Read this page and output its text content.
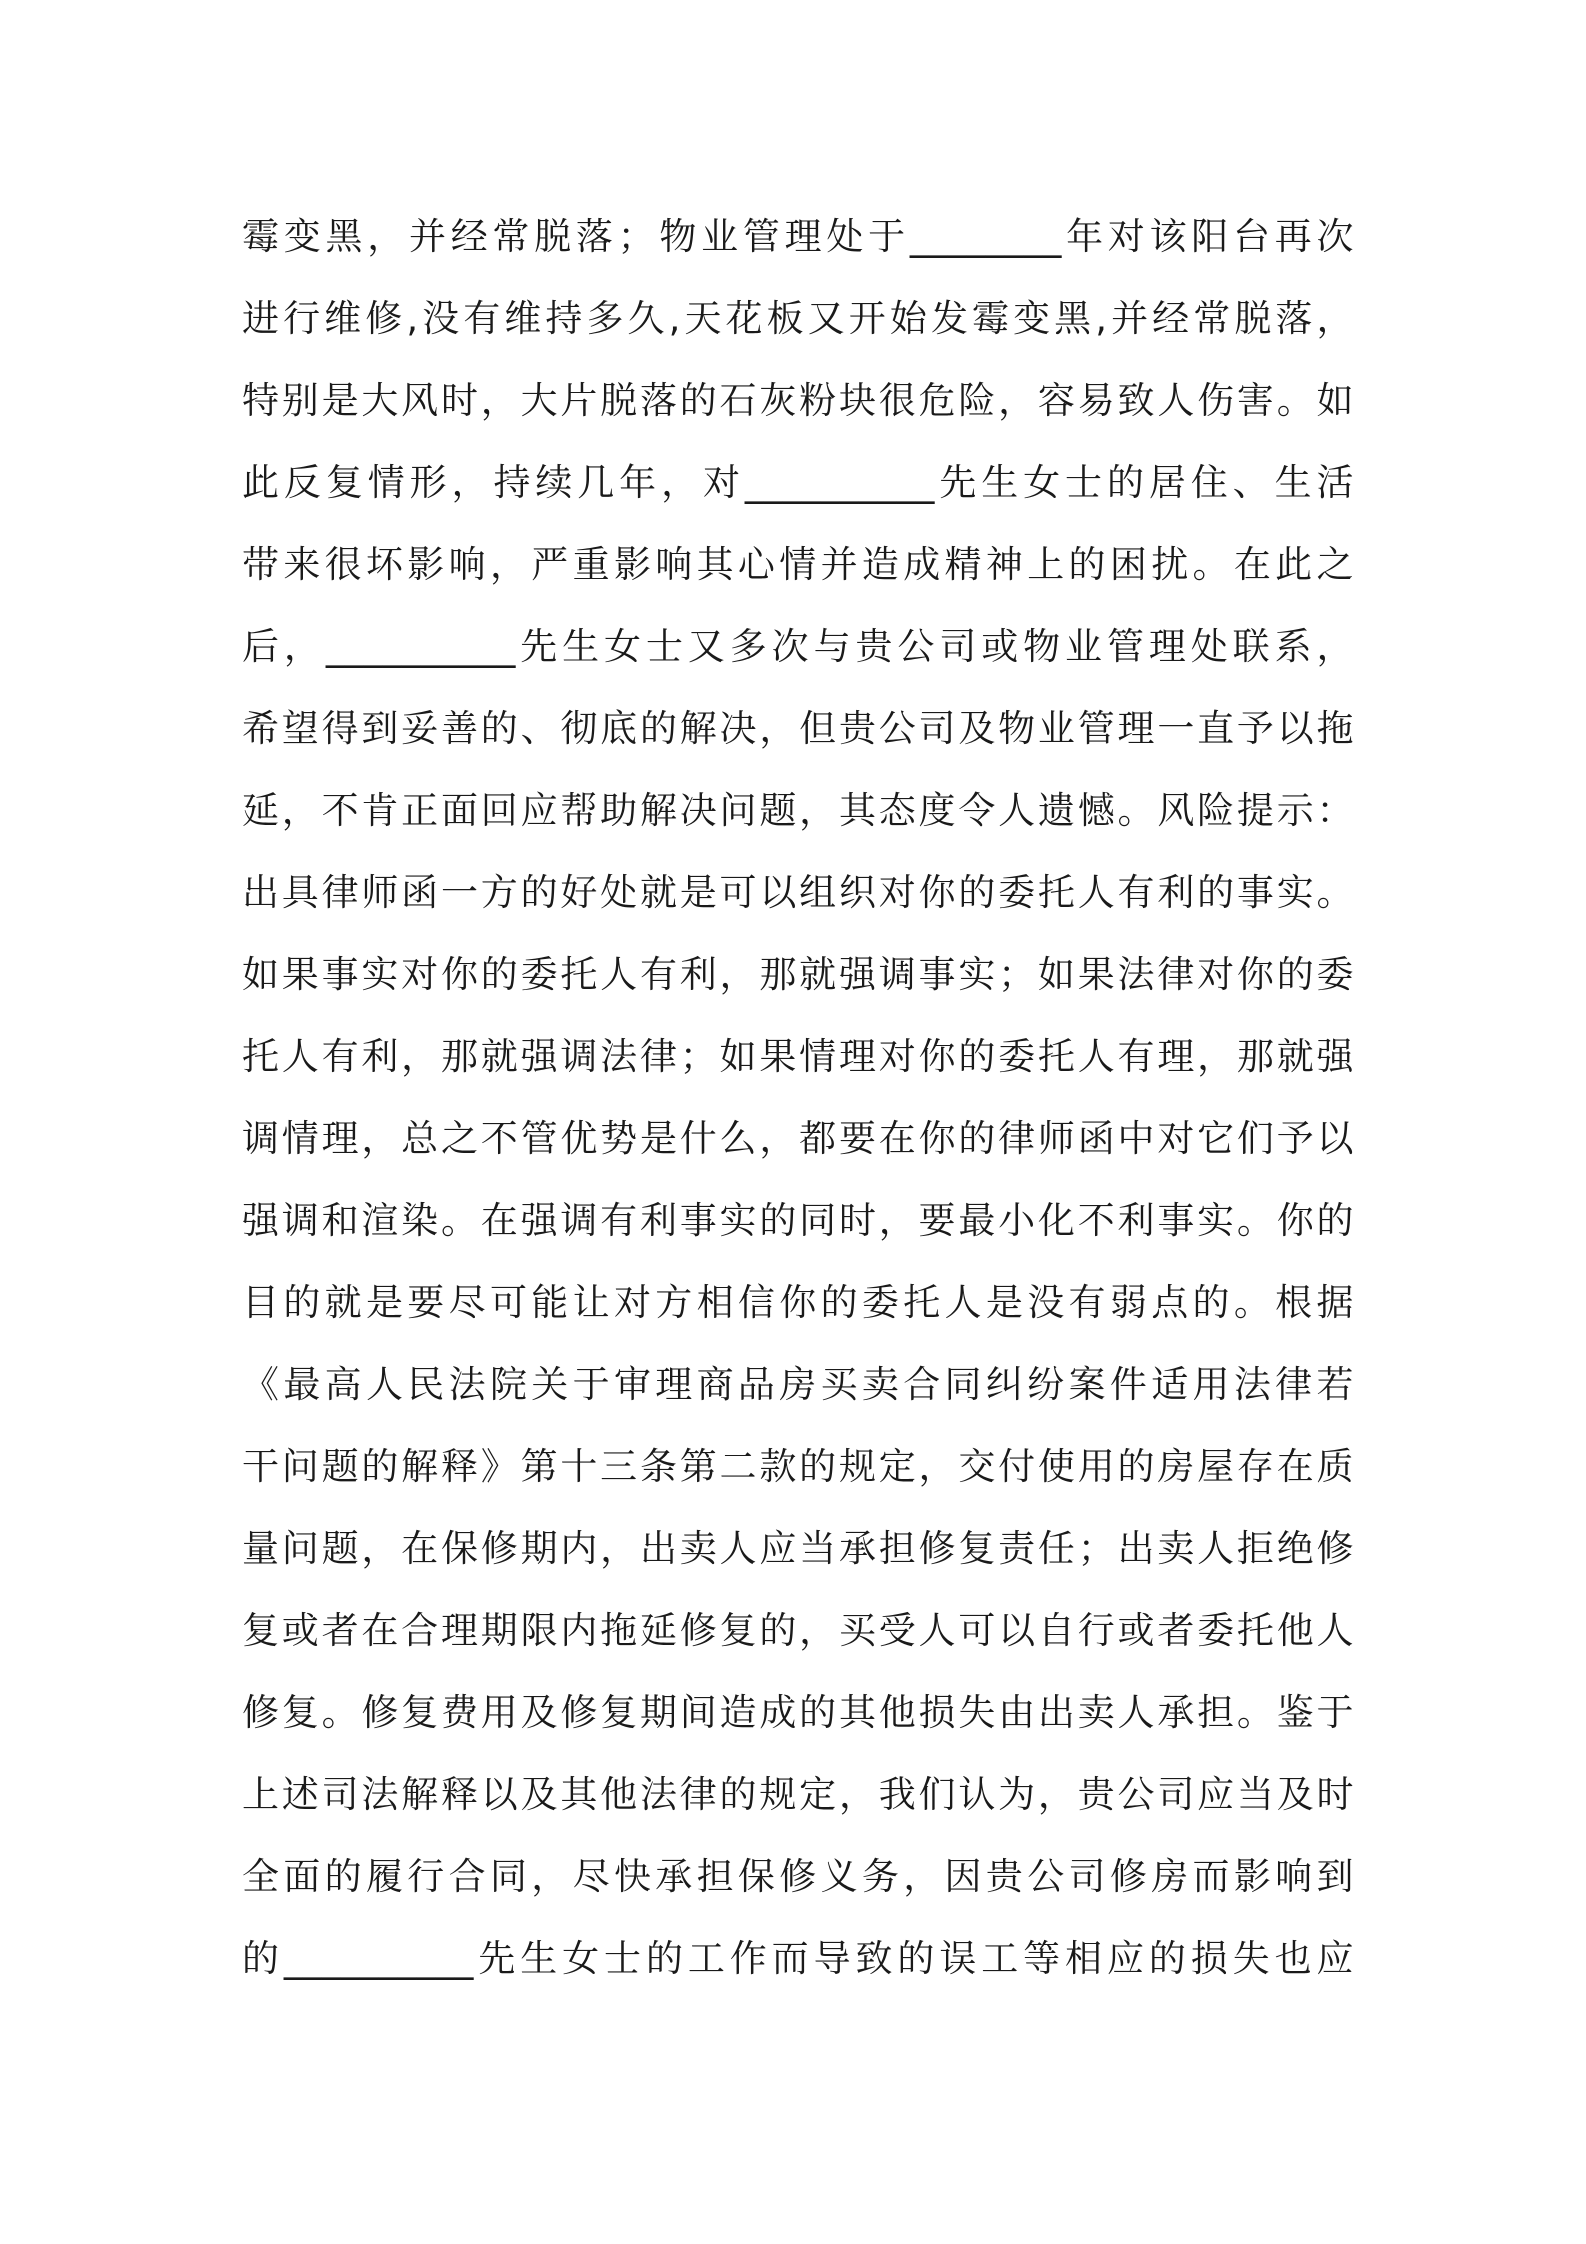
霉变黑，并经常脱落；物业管理处于________年对该阳台再次
进行维修,没有维持多久,天花板又开始发霉变黑,并经常脱落，
特别是大风时，大片脱落的石灰粉块很危险，容易致人伤害。如
此反复情形，持续几年，对__________先生女士的居住、生活
带来很坏影响，严重影响其心情并造成精神上的困扰。在此之
后，__________先生女士又多次与贵公司或物业管理处联系，
希望得到妥善的、彻底的解决，但贵公司及物业管理一直予以拖
延，不肯正面回应帮助解决问题，其态度令人遗憾。风险提示：
出具律师函一方的好处就是可以组织对你的委托人有利的事实。
如果事实对你的委托人有利，那就强调事实；如果法律对你的委
托人有利，那就强调法律；如果情理对你的委托人有理，那就强
调情理，总之不管优势是什么，都要在你的律师函中对它们予以
强调和渲染。在强调有利事实的同时，要最小化不利事实。你的
目的就是要尽可能让对方相信你的委托人是没有弱点的。根据
《最高人民法院关于审理商品房买卖合同纠纷案件适用法律若
干问题的解释》第十三条第二款的规定，交付使用的房屋存在质
量问题，在保修期内，出卖人应当承担修复责任；出卖人拒绝修
复或者在合理期限内拖延修复的，买受人可以自行或者委托他人
修复。修复费用及修复期间造成的其他损失由出卖人承担。鉴于
上述司法解释以及其他法律的规定，我们认为，贵公司应当及时
全面的履行合同，尽快承担保修义务，因贵公司修房而影响到
的__________先生女士的工作而导致的误工等相应的损失也应
